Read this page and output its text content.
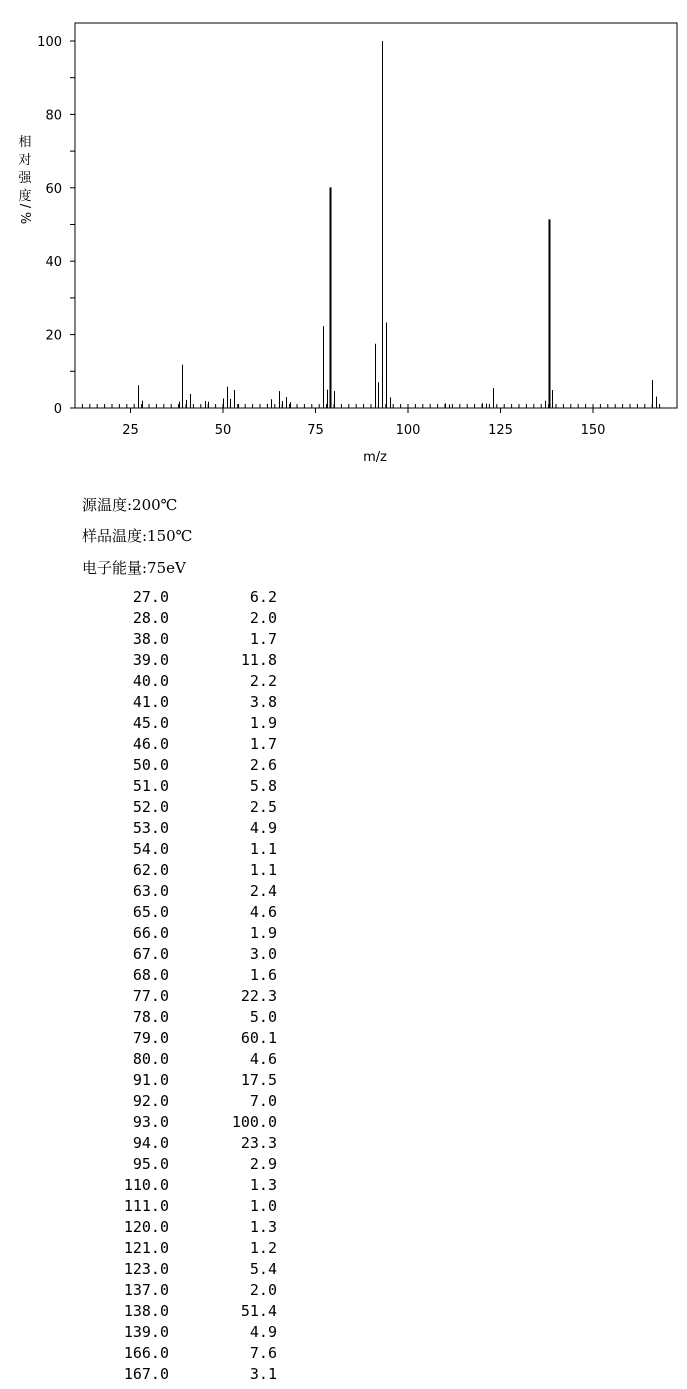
0
20
40
60
80
100
25	50	75	100	125	150
m/z
相
对
强
度
/
%
源温度:200℃
样品温度:150℃
电子能量:75eV
27.0	6.2
28.0	2.0
38.0	1.7
39.0	11.8
40.0	2.2
41.0	3.8
45.0	1.9
46.0	1.7
50.0	2.6
51.0	5.8
52.0	2.5
53.0	4.9
54.0	1.1
62.0	1.1
63.0	2.4
65.0	4.6
66.0	1.9
67.0	3.0
68.0	1.6
77.0	22.3
78.0	5.0
79.0	60.1
80.0	4.6
91.0	17.5
92.0	7.0
93.0	100.0
94.0	23.3
95.0	2.9
110.0	1.3
111.0	1.0
120.0	1.3
121.0	1.2
123.0	5.4
137.0	2.0
138.0	51.4
139.0	4.9
166.0	7.6
167.0	3.1
